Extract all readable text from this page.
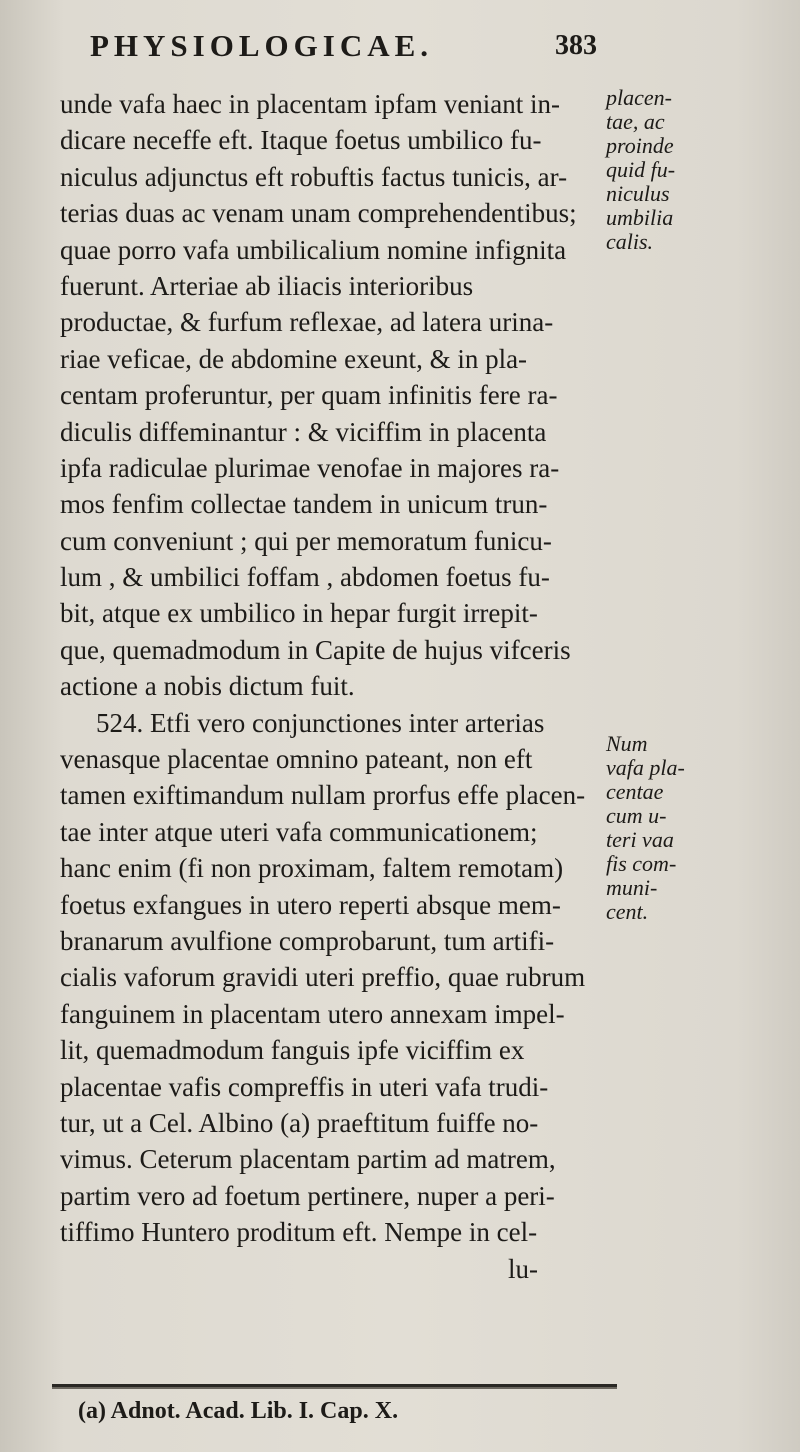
PHYSIOLOGICAE.	383
unde vafa haec in placentam ipfam veniant in-
dicare neceffe eft. Itaque foetus umbilico fu-
niculus adjunctus eft robuftis factus tunicis, ar-
terias duas ac venam unam comprehendentibus;
quae porro vafa umbilicalium nomine infignita
fuerunt. Arteriae ab iliacis interioribus
productae, & furfum reflexae, ad latera urina-
riae veficae, de abdomine exeunt, & in pla-
centam proferuntur, per quam infinitis fere ra-
diculis diffeminantur : & viciffim in placenta
ipfa radiculae plurimae venofae in majores ra-
mos fenfim collectae tandem in unicum trun-
cum conveniunt ; qui per memoratum funicu-
lum , & umbilici foffam , abdomen foetus fu-
bit, atque ex umbilico in hepar furgit irrepit-
que, quemadmodum in Capite de hujus vifceris
actione a nobis dictum fuit.
524. Etfi vero conjunctiones inter arterias
venasque placentae omnino pateant, non eft
tamen exiftimandum nullam prorfus effe placen-
tae inter atque uteri vafa communicationem;
hanc enim (fi non proximam, faltem remotam)
foetus exfangues in utero reperti absque mem-
branarum avulfione comprobarunt, tum artifi-
cialis vaforum gravidi uteri preffio, quae rubrum
fanguinem in placentam utero annexam impel-
lit, quemadmodum fanguis ipfe viciffim ex
placentae vafis compreffis in uteri vafa trudi-
tur, ut a Cel. Albino (a) praeftitum fuiffe no-
vimus. Ceterum placentam partim ad matrem,
partim vero ad foetum pertinere, nuper a peri-
tiffimo Huntero proditum eft. Nempe in cel-
lu-
placen-
tae, ac
proinde
quid fu-
niculus
umbilia
calis.
Num
vafa pla-
centae
cum u-
teri vaa
fis com-
muni-
cent.
(a) Adnot. Acad. Lib. I. Cap. X.
